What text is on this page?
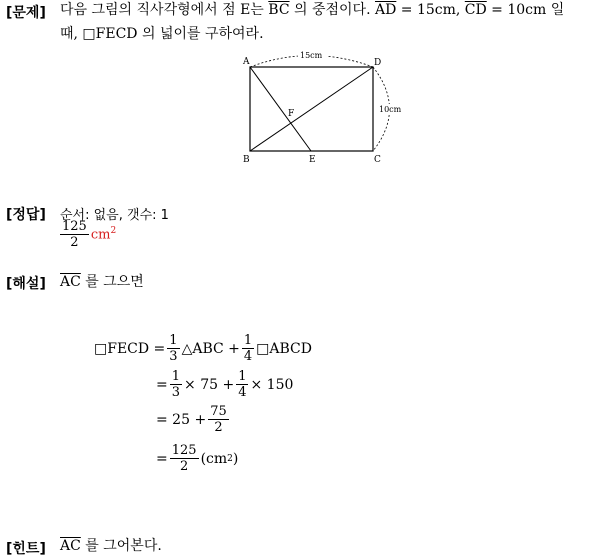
[문제] 다음 그림의 직사각형에서 점 E는 $\overline{BC}$ 의 중점이다. $\overline{AD} = 15cm$, $\overline{CD} = 10cm$ 일
때, □FECD 의 넓이를 구하여라.
A	D
B	C
E
F
15cm
10cm
[정답] 순서: 없음, 갯수: 1
$\frac{125}{2} cm^2$
[해설] $\overline{AC}$ 를 그으면
□FECD = $\frac{1}{3}$ △ABC + $\frac{1}{4}$ □ABCD
= $\frac{1}{3} \times 75 + \frac{1}{4} \times 150$
= $25 + \frac{75}{2}$
= $\frac{125}{2} (cm$ 2 )
[힌트] $\overline{AC}$ 를 그어본다.
